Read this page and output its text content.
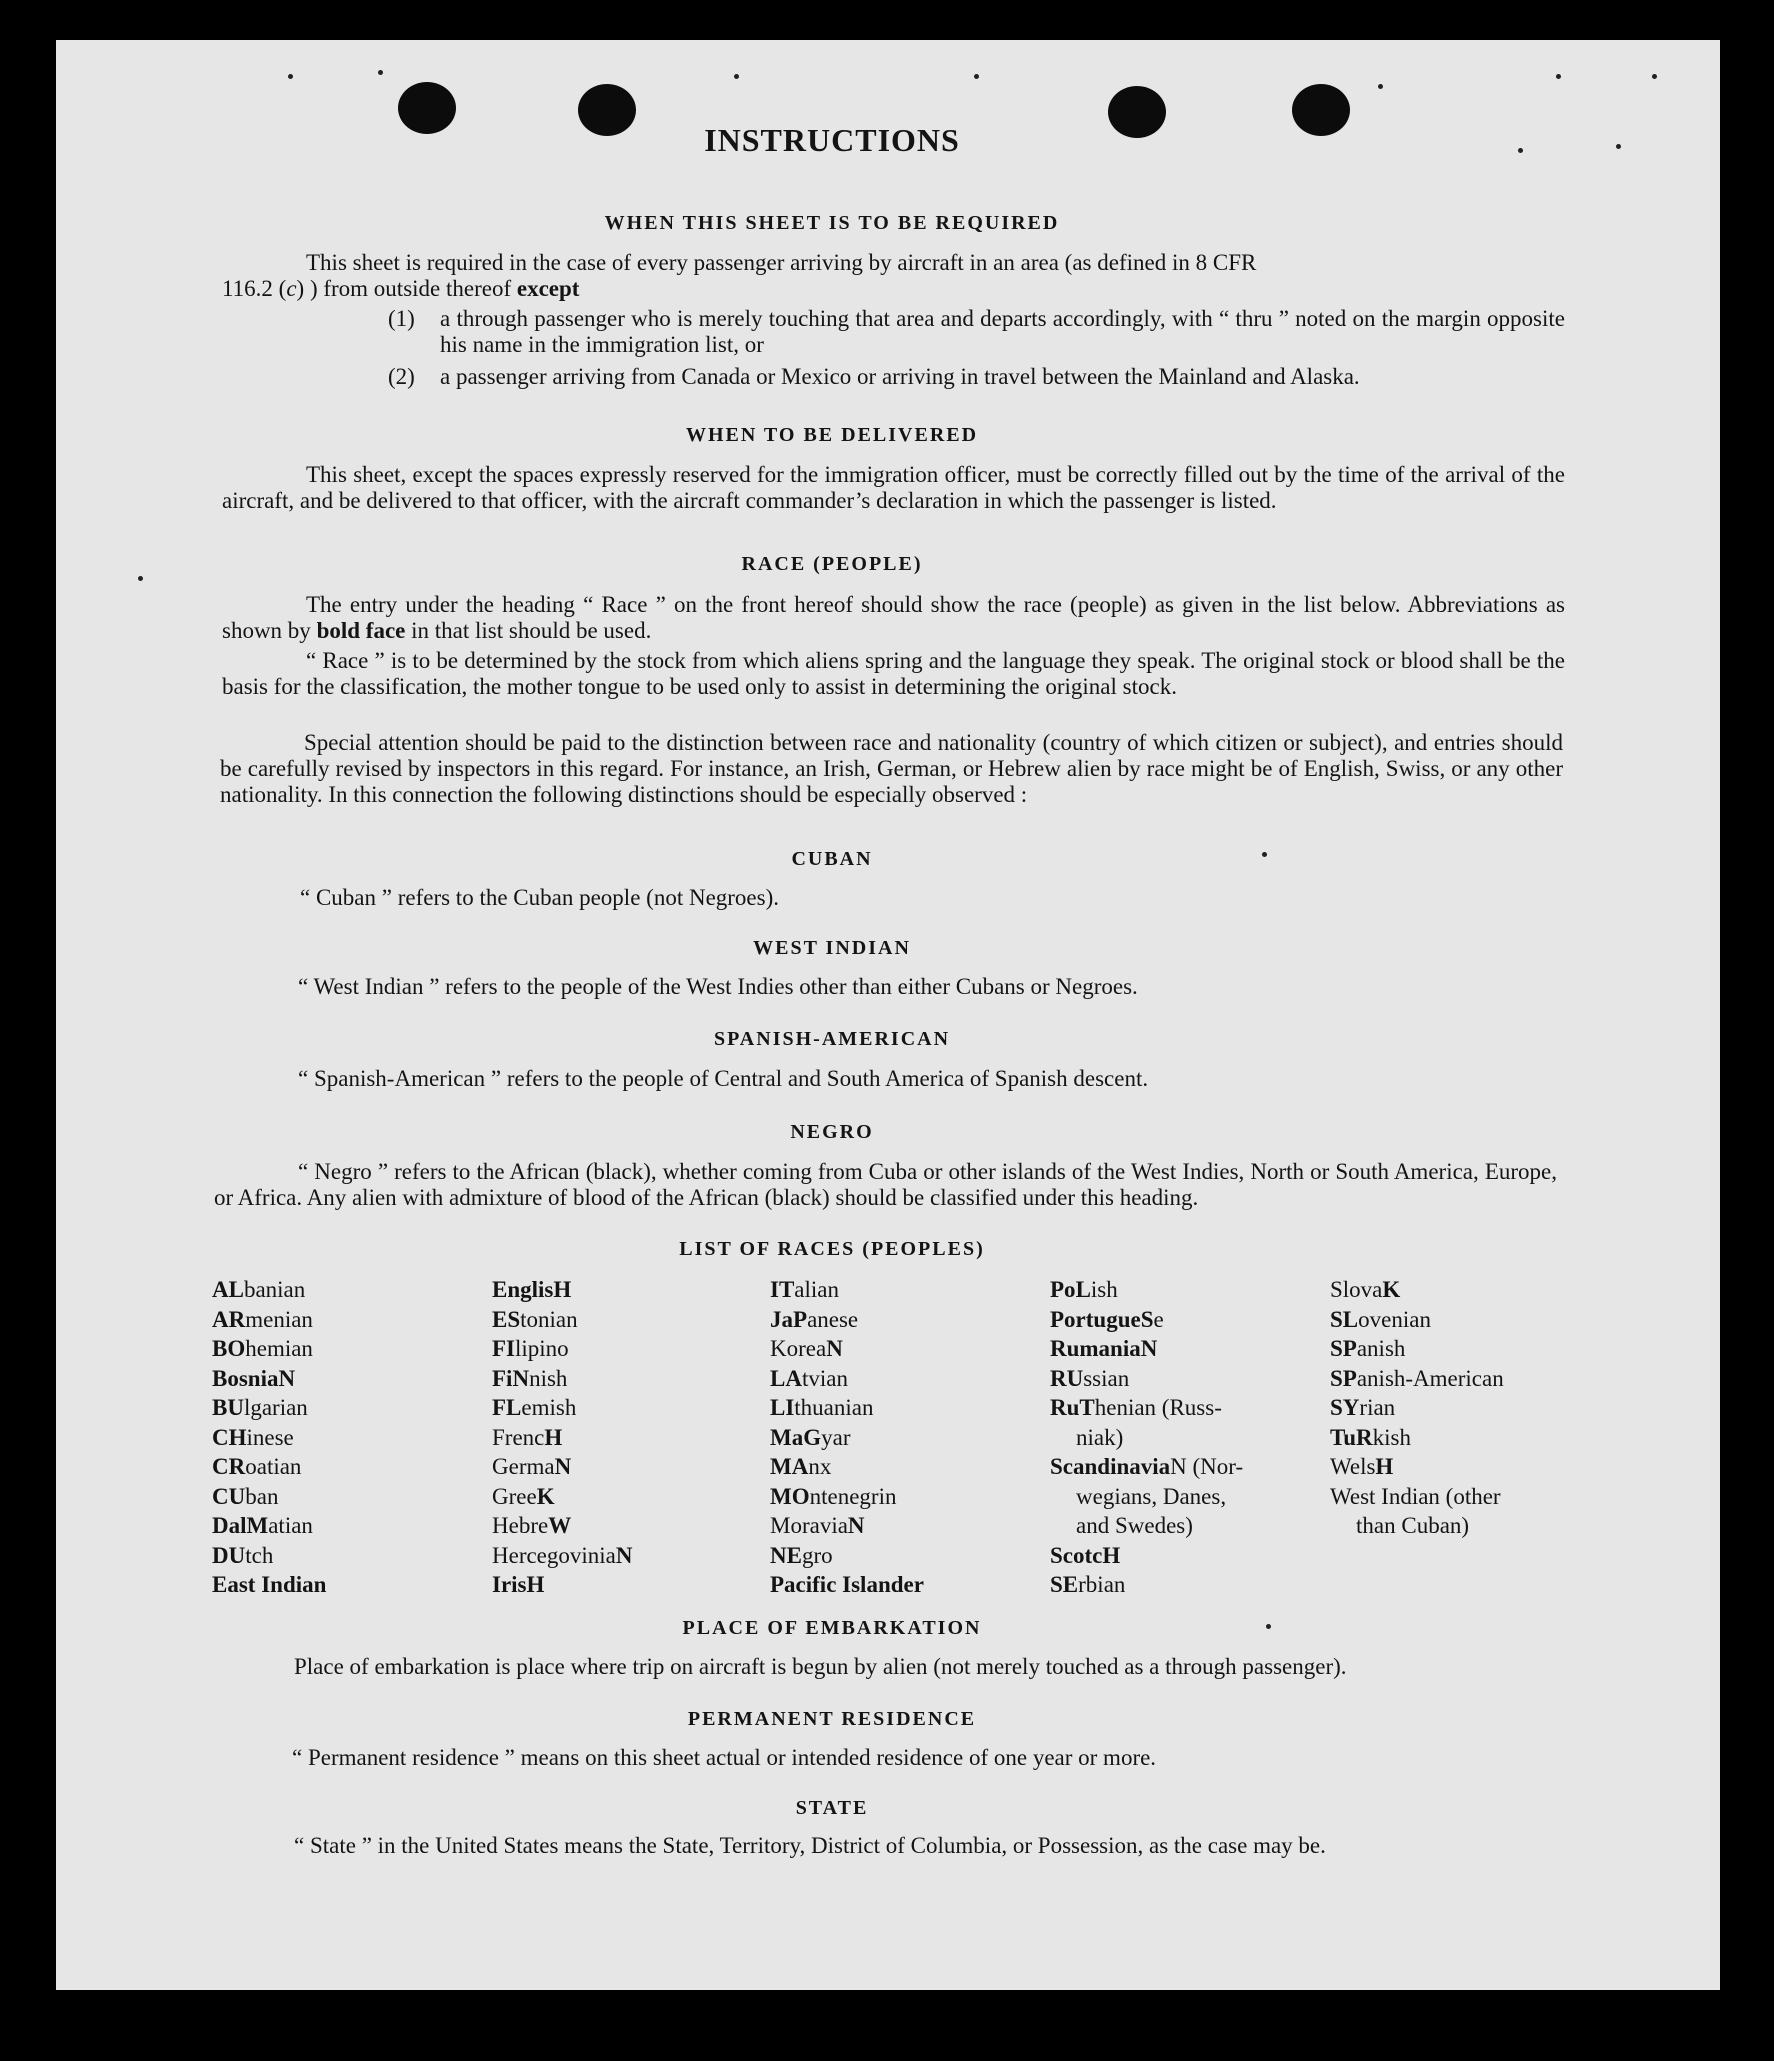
INSTRUCTIONS
WHEN THIS SHEET IS TO BE REQUIRED
This sheet is required in the case of every passenger arriving by aircraft in an area (as defined in 8 CFR
116.2 (c) ) from outside thereof except
(1) a through passenger who is merely touching that area and departs accordingly, with “ thru ” noted on the margin opposite his name in the immigration list, or
(2) a passenger arriving from Canada or Mexico or arriving in travel between the Mainland and Alaska.
WHEN TO BE DELIVERED
This sheet, except the spaces expressly reserved for the immigration officer, must be correctly filled out by the time of the arrival of the aircraft, and be delivered to that officer, with the aircraft commander’s declaration in which the passenger is listed.
RACE (PEOPLE)
The entry under the heading “ Race ” on the front hereof should show the race (people) as given in the list below. Abbreviations as shown by bold face in that list should be used.
“ Race ” is to be determined by the stock from which aliens spring and the language they speak. The original stock or blood shall be the basis for the classification, the mother tongue to be used only to assist in determining the original stock.
Special attention should be paid to the distinction between race and nationality (country of which citizen or subject), and entries should be carefully revised by inspectors in this regard. For instance, an Irish, German, or Hebrew alien by race might be of English, Swiss, or any other nationality. In this connection the following distinctions should be especially observed :
CUBAN
“ Cuban ” refers to the Cuban people (not Negroes).
WEST INDIAN
“ West Indian ” refers to the people of the West Indies other than either Cubans or Negroes.
SPANISH-AMERICAN
“ Spanish-American ” refers to the people of Central and South America of Spanish descent.
NEGRO
“ Negro ” refers to the African (black), whether coming from Cuba or other islands of the West Indies, North or South America, Europe, or Africa. Any alien with admixture of blood of the African (black) should be classified under this heading.
LIST OF RACES (PEOPLES)
ALbanian
ARmenian
BOhemian
BosniaN
BUlgarian
CHinese
CRoatian
CUban
DalMatian
DUtch
East Indian
EnglisH
EStonian
FIlipino
FiNnish
FLemish
FrencH
GermaN
GreeK
HebreW
HercegoviniaN
IrisH
ITalian
JaPanese
KoreaN
LAtvian
LIthuanian
MaGyar
MAnx
MOntenegrin
MoraviaN
NEgro
Pacific Islander
PoLish
PortugueSe
RumaniaN
RUssian
RuThenian (Russ-
niak)
ScandinaviaN (Nor-
wegians, Danes,
and Swedes)
ScotcH
SErbian
SlovaK
SLovenian
SPanish
SPanish-American
SYrian
TuRkish
WelsH
West Indian (other
than Cuban)
PLACE OF EMBARKATION
Place of embarkation is place where trip on aircraft is begun by alien (not merely touched as a through passenger).
PERMANENT RESIDENCE
“ Permanent residence ” means on this sheet actual or intended residence of one year or more.
STATE
“ State ” in the United States means the State, Territory, District of Columbia, or Possession, as the case may be.
